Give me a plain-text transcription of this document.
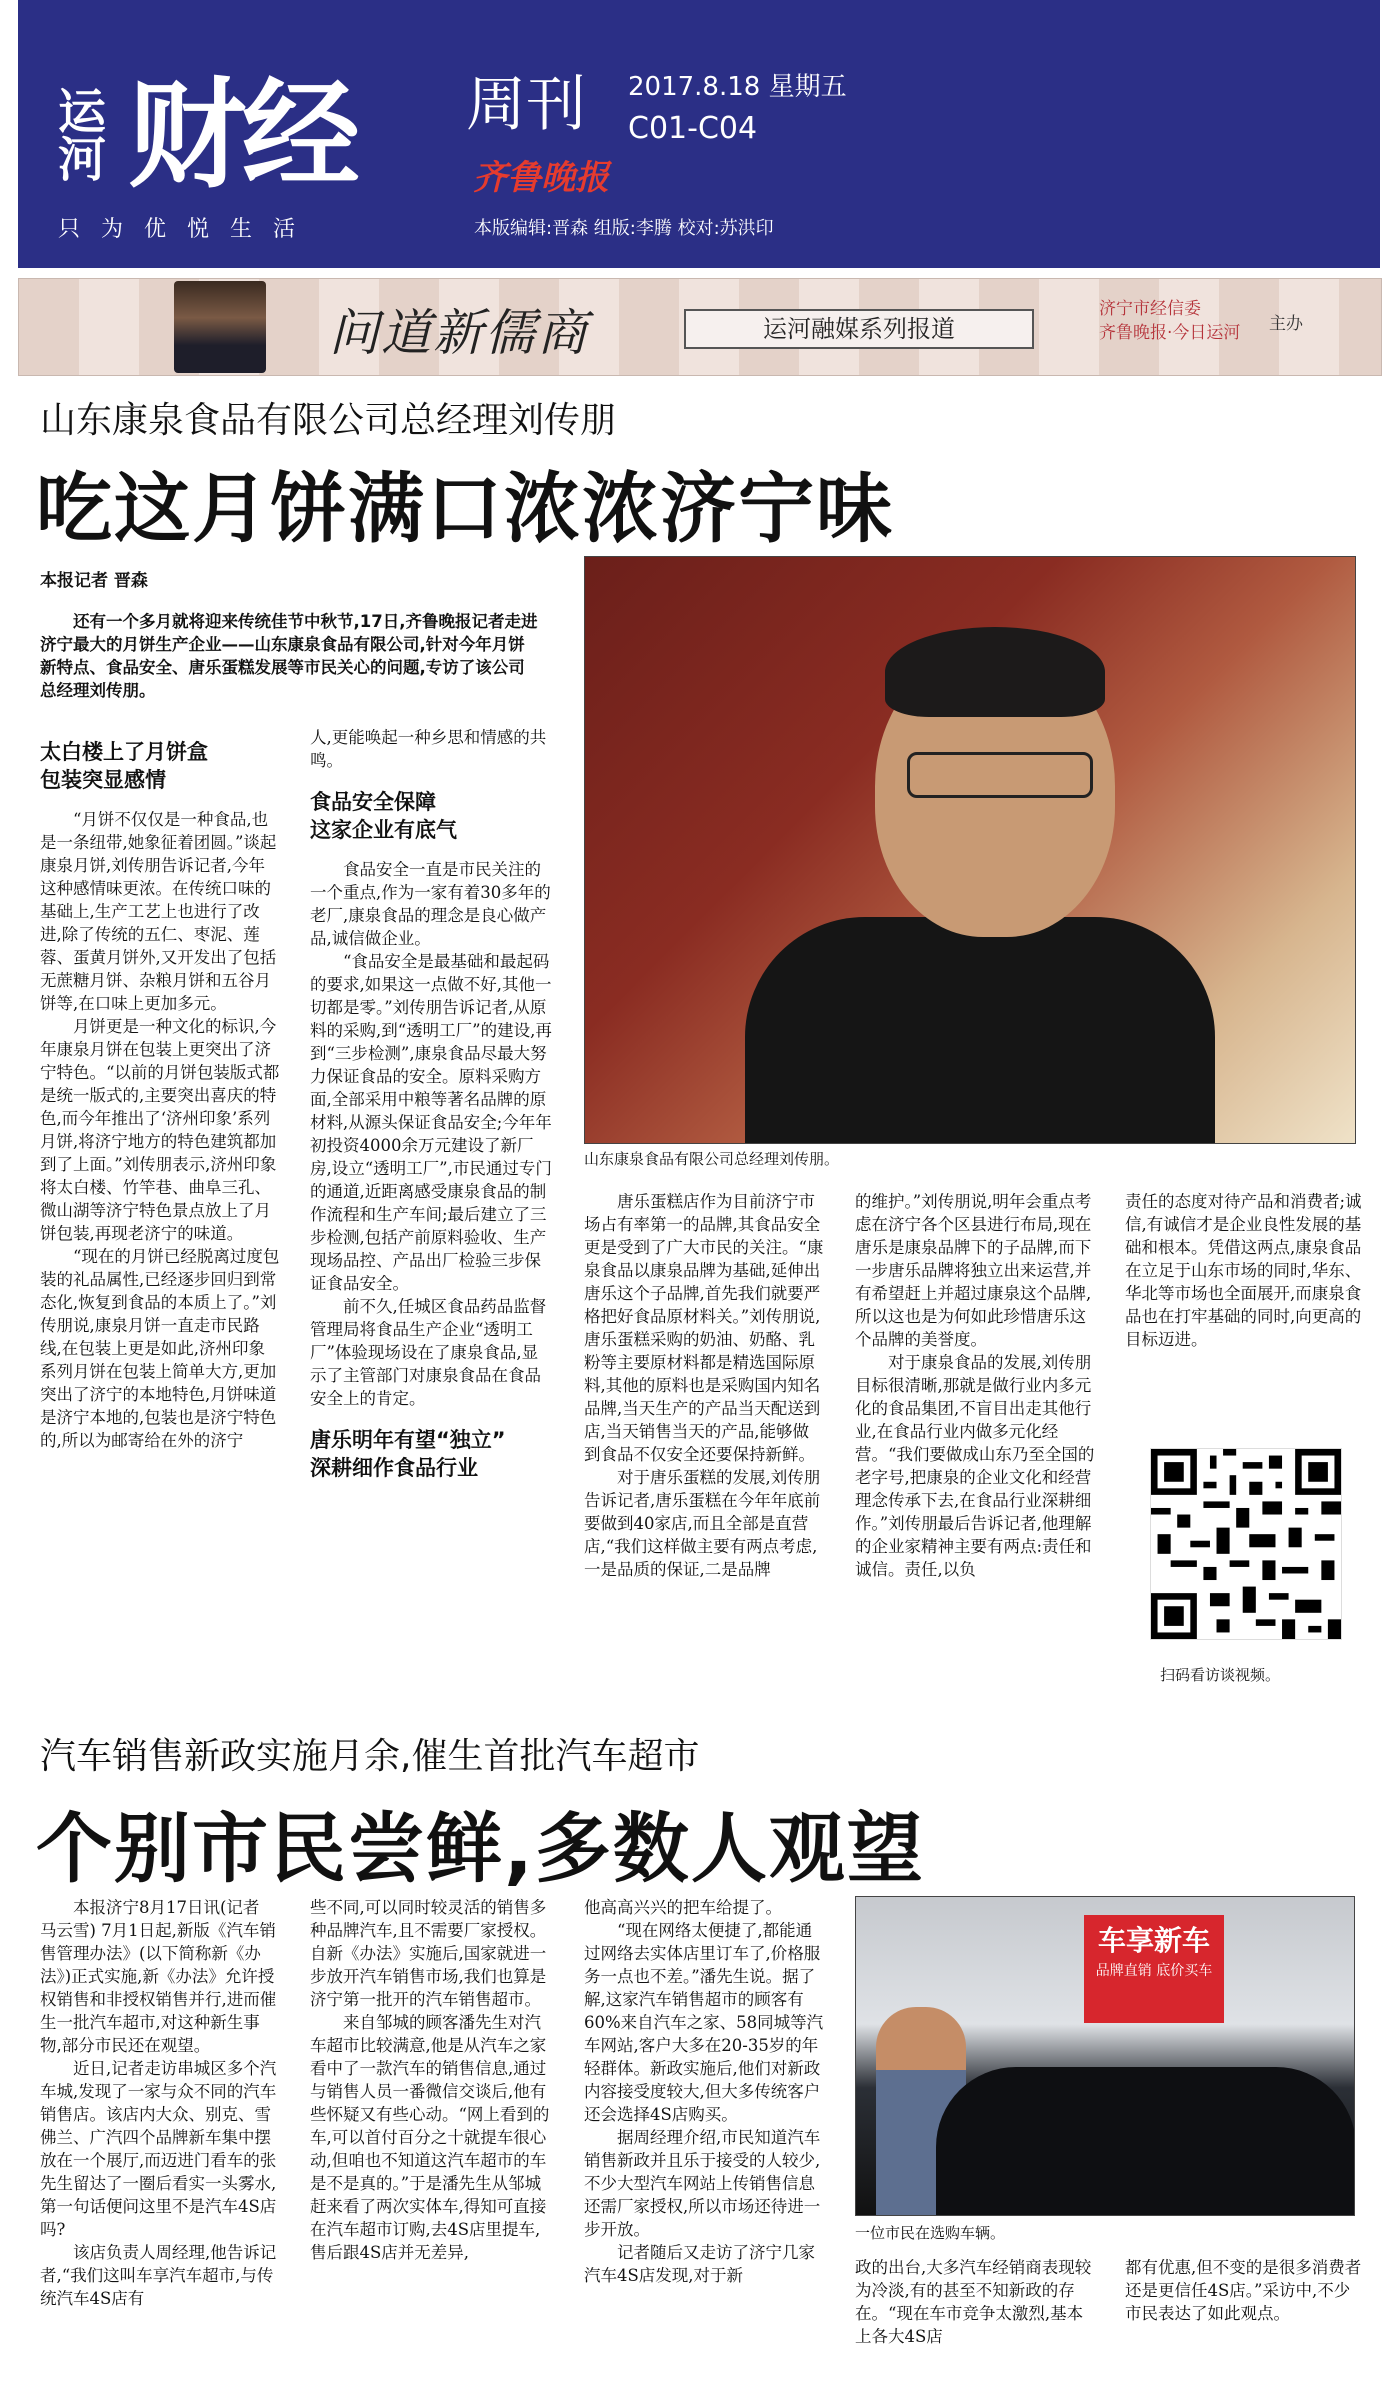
运河 财经 周刊
齐鲁晚报
2017.8.18 星期五
C01-C04
只为优悦生活	本版编辑:晋森 组版:李腾 校对:苏洪印
问道新儒商	运河融媒系列报道
济宁市经信委
齐鲁晚报·今日运河 主办
山东康泉食品有限公司总经理刘传朋
吃这月饼满口浓浓济宁味
本报记者 晋森
还有一个多月就将迎来传统佳节中秋节,17日,齐鲁晚报记者走进济宁最大的月饼生产企业——山东康泉食品有限公司,针对今年月饼新特点、食品安全、唐乐蛋糕发展等市民关心的问题,专访了该公司总经理刘传朋。
太白楼上了月饼盒
包装突显感情

“月饼不仅仅是一种食品,也是一条纽带,她象征着团圆。”谈起康泉月饼,刘传朋告诉记者,今年这种感情味更浓。在传统口味的基础上,生产工艺上也进行了改进,除了传统的五仁、枣泥、莲蓉、蛋黄月饼外,又开发出了包括无蔗糖月饼、杂粮月饼和五谷月饼等,在口味上更加多元。

月饼更是一种文化的标识,今年康泉月饼在包装上更突出了济宁特色。“以前的月饼包装版式都是统一版式的,主要突出喜庆的特色,而今年推出了‘济州印象’系列月饼,将济宁地方的特色建筑都加到了上面。”刘传朋表示,济州印象将太白楼、竹竿巷、曲阜三孔、微山湖等济宁特色景点放上了月饼包装,再现老济宁的味道。

“现在的月饼已经脱离过度包装的礼品属性,已经逐步回归到常态化,恢复到食品的本质上了。”刘传朋说,康泉月饼一直走市民路线,在包装上更是如此,济州印象系列月饼在包装上简单大方,更加突出了济宁的本地特色,月饼味道是济宁本地的,包装也是济宁特色的,所以为邮寄给在外的济宁

人,更能唤起一种乡思和情感的共鸣。

食品安全保障
这家企业有底气

食品安全一直是市民关注的一个重点,作为一家有着30多年的老厂,康泉食品的理念是良心做产品,诚信做企业。

“食品安全是最基础和最起码的要求,如果这一点做不好,其他一切都是零。”刘传朋告诉记者,从原料的采购,到“透明工厂”的建设,再到“三步检测”,康泉食品尽最大努力保证食品的安全。原料采购方面,全部采用中粮等著名品牌的原材料,从源头保证食品安全;今年年初投资4000余万元建设了新厂房,设立“透明工厂”,市民通过专门的通道,近距离感受康泉食品的制作流程和生产车间;最后建立了三步检测,包括产前原料验收、生产现场品控、产品出厂检验三步保证食品安全。

前不久,任城区食品药品监督管理局将食品生产企业“透明工厂”体验现场设在了康泉食品,显示了主管部门对康泉食品在食品安全上的肯定。

唐乐明年有望“独立”
深耕细作食品行业
山东康泉食品有限公司总经理刘传朋。

唐乐蛋糕店作为目前济宁市场占有率第一的品牌,其食品安全更是受到了广大市民的关注。“康泉食品以康泉品牌为基础,延伸出唐乐这个子品牌,首先我们就要严格把好食品原材料关。”刘传朋说,唐乐蛋糕采购的奶油、奶酪、乳粉等主要原材料都是精选国际原料,其他的原料也是采购国内知名品牌,当天生产的产品当天配送到店,当天销售当天的产品,能够做到食品不仅安全还要保持新鲜。

对于唐乐蛋糕的发展,刘传朋告诉记者,唐乐蛋糕在今年年底前要做到40家店,而且全部是直营店,“我们这样做主要有两点考虑,一是品质的保证,二是品牌

的维护。”刘传朋说,明年会重点考虑在济宁各个区县进行布局,现在唐乐是康泉品牌下的子品牌,而下一步唐乐品牌将独立出来运营,并有希望赶上并超过康泉这个品牌,所以这也是为何如此珍惜唐乐这个品牌的美誉度。

对于康泉食品的发展,刘传朋目标很清晰,那就是做行业内多元化的食品集团,不盲目出走其他行业,在食品行业内做多元化经营。“我们要做成山东乃至全国的老字号,把康泉的企业文化和经营理念传承下去,在食品行业深耕细作。”刘传朋最后告诉记者,他理解的企业家精神主要有两点:责任和诚信。责任,以负

责任的态度对待产品和消费者;诚信,有诚信才是企业良性发展的基础和根本。凭借这两点,康泉食品在立足于山东市场的同时,华东、华北等市场也全面展开,而康泉食品也在打牢基础的同时,向更高的目标迈进。

扫码看访谈视频。
汽车销售新政实施月余,催生首批汽车超市
个别市民尝鲜,多数人观望

本报济宁8月17日讯(记者 马云雪) 7月1日起,新版《汽车销售管理办法》(以下简称新《办法》)正式实施,新《办法》允许授权销售和非授权销售并行,进而催生一批汽车超市,对这种新生事物,部分市民还在观望。

近日,记者走访串城区多个汽车城,发现了一家与众不同的汽车销售店。该店内大众、别克、雪佛兰、广汽四个品牌新车集中摆放在一个展厅,而迈进门看车的张先生留达了一圈后看实一头雾水,第一句话便问这里不是汽车4S店吗?

该店负责人周经理,他告诉记者,“我们这叫车享汽车超市,与传统汽车4S店有

些不同,可以同时较灵活的销售多种品牌汽车,且不需要厂家授权。自新《办法》实施后,国家就进一步放开汽车销售市场,我们也算是济宁第一批开的汽车销售超市。

来自邹城的顾客潘先生对汽车超市比较满意,他是从汽车之家看中了一款汽车的销售信息,通过与销售人员一番微信交谈后,他有些怀疑又有些心动。“网上看到的车,可以首付百分之十就提车很心动,但咱也不知道这汽车超市的车是不是真的。”于是潘先生从邹城赶来看了两次实体车,得知可直接在汽车超市订购,去4S店里提车,售后跟4S店并无差异,

他高高兴兴的把车给提了。

“现在网络太便捷了,都能通过网络去实体店里订车了,价格服务一点也不差。”潘先生说。据了解,这家汽车销售超市的顾客有60%来自汽车之家、58同城等汽车网站,客户大多在20-35岁的年轻群体。新政实施后,他们对新政内容接受度较大,但大多传统客户还会选择4S店购买。

据周经理介绍,市民知道汽车销售新政并且乐于接受的人较少,不少大型汽车网站上传销售信息还需厂家授权,所以市场还待进一步开放。

记者随后又走访了济宁几家汽车4S店发现,对于新

车享新车
品牌直销 底价买车
一位市民在选购车辆。

政的出台,大多汽车经销商表现较为冷淡,有的甚至不知新政的存在。“现在车市竞争太激烈,基本上各大4S店

都有优惠,但不变的是很多消费者还是更信任4S店。”采访中,不少市民表达了如此观点。
